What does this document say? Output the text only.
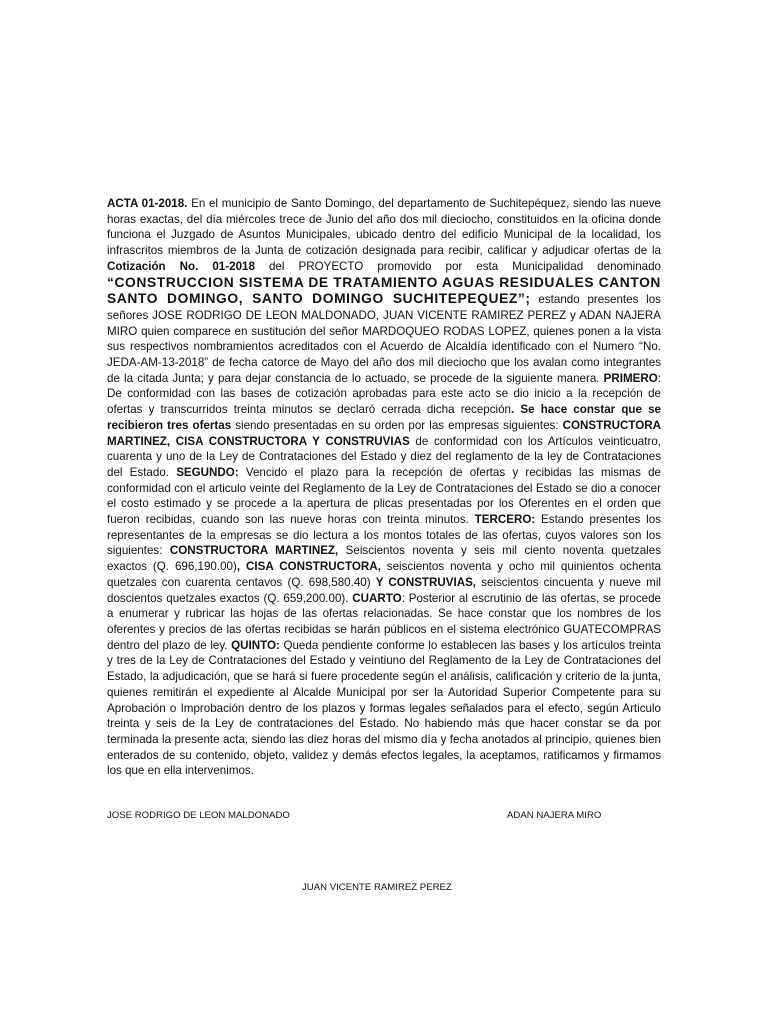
ACTA 01-2018. En el municipio de Santo Domingo, del departamento de Suchitepéquez, siendo las nueve horas exactas, del día miércoles trece de Junio del año dos mil dieciocho, constituidos en la oficina donde funciona el Juzgado de Asuntos Municipales, ubicado dentro del edificio Municipal de la localidad, los infrascritos miembros de la Junta de cotización designada para recibir, calificar y adjudicar ofertas de la Cotización No. 01-2018 del PROYECTO promovido por esta Municipalidad denominado “CONSTRUCCION SISTEMA DE TRATAMIENTO AGUAS RESIDUALES CANTON SANTO DOMINGO, SANTO DOMINGO SUCHITEPEQUEZ”; estando presentes los señores JOSE RODRIGO DE LEON MALDONADO, JUAN VICENTE RAMIREZ PEREZ y ADAN NAJERA MIRO quien comparece en sustitución del señor MARDOQUEO RODAS LOPEZ, quienes ponen a la vista sus respectivos nombramientos acreditados con el Acuerdo de Alcaldía identificado con el Numero “No. JEDA-AM-13-2018” de fecha catorce de Mayo del año dos mil dieciocho que los avalan como integrantes de la citada Junta; y para dejar constancia de lo actuado, se procede de la siguiente manera. PRIMERO: De conformidad con las bases de cotización aprobadas para este acto se dio inicio a la recepción de ofertas y transcurridos treinta minutos se declaró cerrada dicha recepción. Se hace constar que se recibieron tres ofertas siendo presentadas en su orden por las empresas siguientes: CONSTRUCTORA MARTINEZ, CISA CONSTRUCTORA Y CONSTRUVIAS de conformidad con los Artículos veinticuatro, cuarenta y uno de la Ley de Contrataciones del Estado y diez del reglamento de la ley de Contrataciones del Estado. SEGUNDO: Vencido el plazo para la recepción de ofertas y recibidas las mismas de conformidad con el articulo veinte del Reglamento de la Ley de Contrataciones del Estado se dio a conocer el costo estimado y se procede a la apertura de plicas presentadas por los Oferentes en el orden que fueron recibidas, cuando son las nueve horas con treinta minutos. TERCERO: Estando presentes los representantes de la empresas se dio lectura a los montos totales de las ofertas, cuyos valores son los siguientes: CONSTRUCTORA MARTINEZ, Seiscientos noventa y seis mil ciento noventa quetzales exactos (Q. 696,190.00), CISA CONSTRUCTORA, seiscientos noventa y ocho mil quinientos ochenta quetzales con cuarenta centavos (Q. 698,580.40) Y CONSTRUVIAS, seiscientos cincuenta y nueve mil doscientos quetzales exactos (Q. 659,200.00). CUARTO: Posterior al escrutinio de las ofertas, se procede a enumerar y rubricar las hojas de las ofertas relacionadas. Se hace constar que los nombres de los oferentes y precios de las ofertas recibidas se harán públicos en el sistema electrónico GUATECOMPRAS dentro del plazo de ley. QUINTO: Queda pendiente conforme lo establecen las bases y los artículos treinta y tres de la Ley de Contrataciones del Estado y veintiuno del Reglamento de la Ley de Contrataciones del Estado, la adjudicación, que se hará si fuere procedente según el análisis, calificación y criterio de la junta, quienes remitirán el expediente al Alcalde Municipal por ser la Autoridad Superior Competente para su Aprobación o Improbación dentro de los plazos y formas legales señalados para el efecto, según Articulo treinta y seis de la Ley de contrataciones del Estado. No habiendo más que hacer constar se da por terminada la presente acta, siendo las diez horas del mismo día y fecha anotados al principio, quienes bien enterados de su contenido, objeto, validez y demás efectos legales, la aceptamos, ratificamos y firmamos los que en ella intervenimos.

JOSE RODRIGO DE LEON MALDONADO	ADAN NAJERA MIRO

JUAN VICENTE RAMIREZ PEREZ
